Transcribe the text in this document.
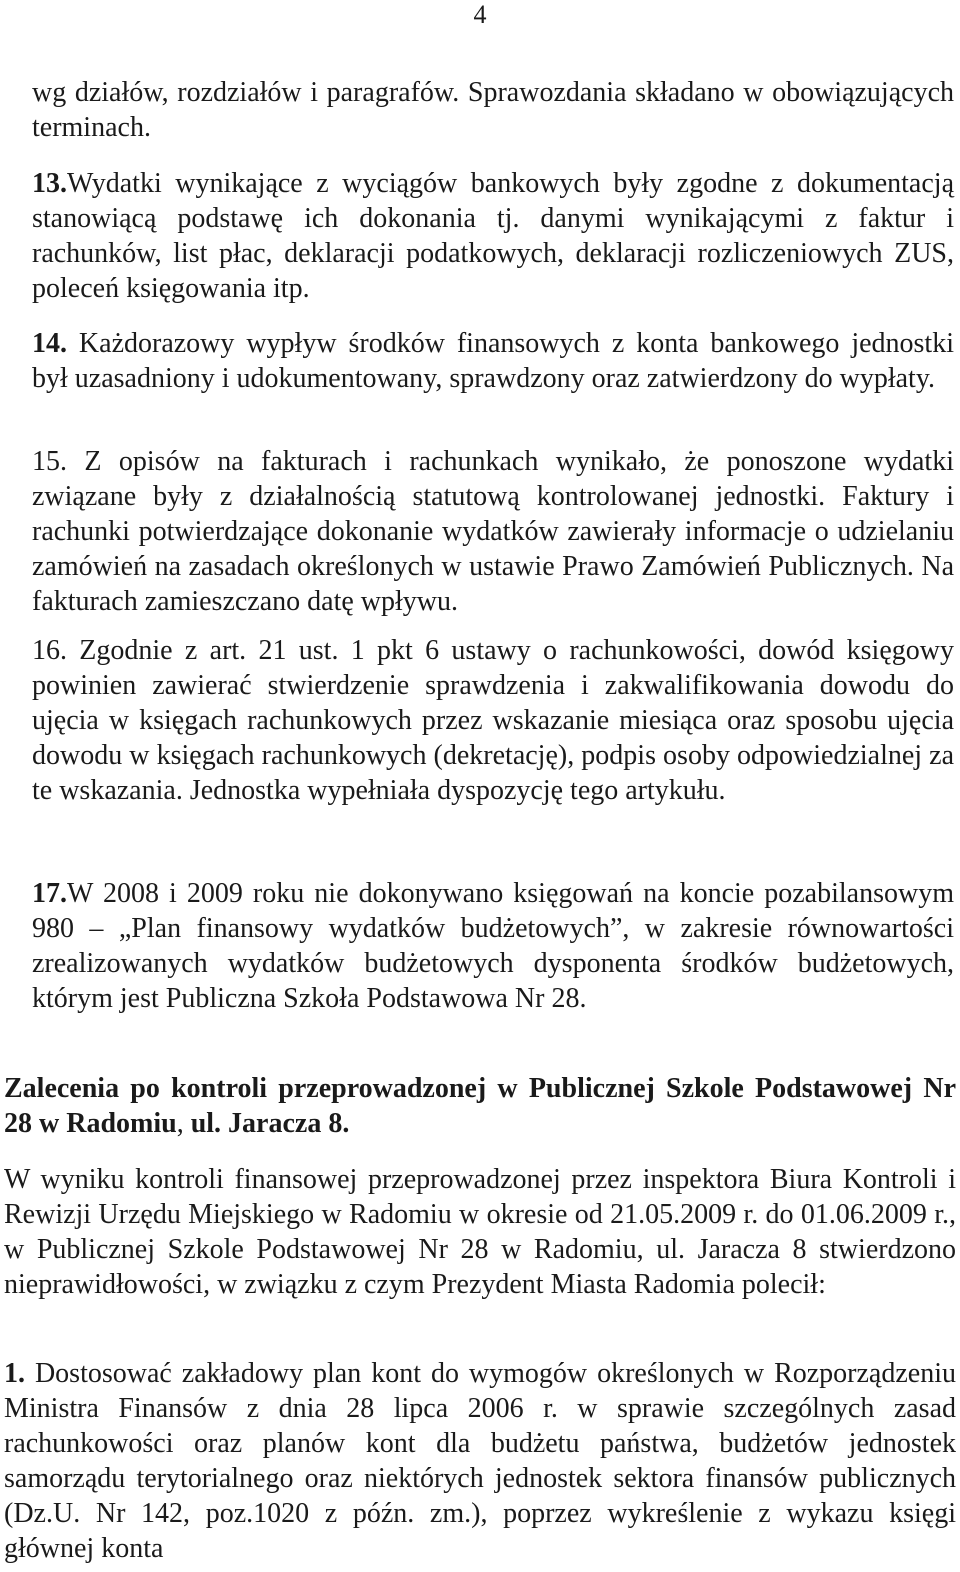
4

wg działów, rozdziałów i paragrafów. Sprawozdania składano w obowiązujących terminach.

13.Wydatki wynikające z wyciągów bankowych były zgodne z dokumentacją stanowiącą podstawę ich dokonania tj. danymi wynikającymi z faktur i rachunków, list płac, deklaracji podatkowych, deklaracji rozliczeniowych ZUS, poleceń księgowania itp.

14. Każdorazowy wypływ środków finansowych z konta bankowego jednostki był uzasadniony i udokumentowany, sprawdzony oraz zatwierdzony do wypłaty.

15. Z opisów na fakturach i rachunkach wynikało, że ponoszone wydatki związane były z działalnością statutową kontrolowanej jednostki. Faktury i rachunki potwierdzające dokonanie wydatków zawierały informacje o udzielaniu zamówień na zasadach określonych w ustawie Prawo Zamówień Publicznych. Na fakturach zamieszczano datę wpływu.

16. Zgodnie z art. 21 ust. 1 pkt 6 ustawy o rachunkowości, dowód księgowy powinien zawierać stwierdzenie sprawdzenia i zakwalifikowania dowodu do ujęcia w księgach rachunkowych przez wskazanie miesiąca oraz sposobu ujęcia dowodu w księgach rachunkowych (dekretację), podpis osoby odpowiedzialnej za te wskazania. Jednostka wypełniała dyspozycję tego artykułu.

17.W 2008 i 2009 roku nie dokonywano księgowań na koncie pozabilansowym 980 – „Plan finansowy wydatków budżetowych”, w zakresie równowartości zrealizowanych wydatków budżetowych dysponenta środków budżetowych, którym jest Publiczna Szkoła Podstawowa Nr 28.

Zalecenia po kontroli przeprowadzonej w Publicznej Szkole Podstawowej Nr 28 w Radomiu, ul. Jaracza 8.

W wyniku kontroli finansowej przeprowadzonej przez inspektora Biura Kontroli i Rewizji Urzędu Miejskiego w Radomiu w okresie od 21.05.2009 r. do 01.06.2009 r., w Publicznej Szkole Podstawowej Nr 28 w Radomiu, ul. Jaracza 8 stwierdzono nieprawidłowości, w związku z czym Prezydent Miasta Radomia polecił:

1. Dostosować zakładowy plan kont do wymogów określonych w Rozporządzeniu Ministra Finansów z dnia 28 lipca 2006 r. w sprawie szczególnych zasad rachunkowości oraz planów kont dla budżetu państwa, budżetów jednostek samorządu terytorialnego oraz niektórych jednostek sektora finansów publicznych (Dz.U. Nr 142, poz.1020 z późn. zm.), poprzez wykreślenie z wykazu księgi głównej konta
